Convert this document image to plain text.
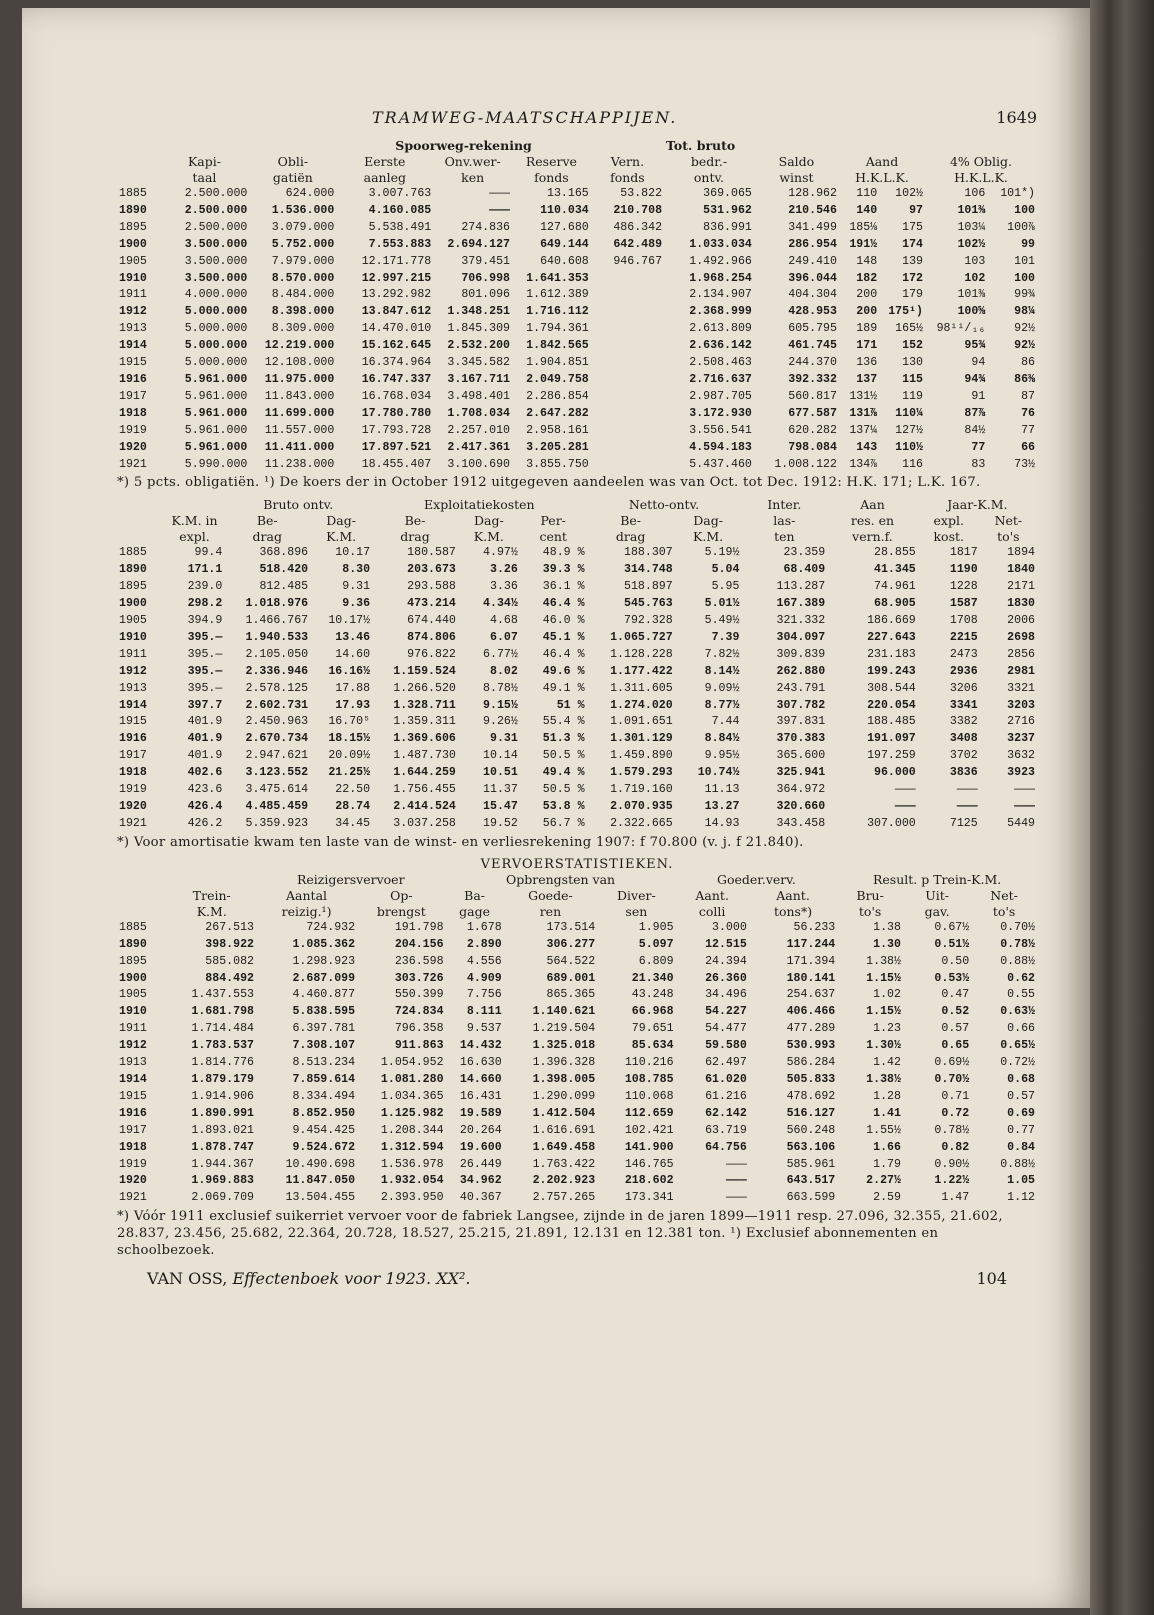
TRAMWEG-MAATSCHAPPIJEN.	1649
			Spoorweg-rekening				Tot. bruto					
	Kapi-	Obli-	Eerste	Onv.wer-	Reserve	Vern.	bedr.-	Saldo	Aand		4% Oblig.	
	taal	gatiën	aanleg	ken	fonds	fonds	ontv.	winst	H.K.L.K.		H.K.L.K.	
1885	2.500.000	624.000	3.007.763	———	13.165	53.822	369.065	128.962	110	102½	106	101*)
1890	2.500.000	1.536.000	4.160.085	———	110.034	210.708	531.962	210.546	140	97	101⅜	100
1895	2.500.000	3.079.000	5.538.491	274.836	127.680	486.342	836.991	341.499	185⅛	175	103¼	100⅞
1900	3.500.000	5.752.000	7.553.883	2.694.127	649.144	642.489	1.033.034	286.954	191½	174	102½	99
1905	3.500.000	7.979.000	12.171.778	379.451	640.608	946.767	1.492.966	249.410	148	139	103	101
1910	3.500.000	8.570.000	12.997.215	706.998	1.641.353		1.968.254	396.044	182	172	102	100
1911	4.000.000	8.484.000	13.292.982	801.096	1.612.389		2.134.907	404.304	200	179	101⅜	99¾
1912	5.000.000	8.398.000	13.847.612	1.348.251	1.716.112		2.368.999	428.953	200	175¹)	100⅝	98¼
1913	5.000.000	8.309.000	14.470.010	1.845.309	1.794.361		2.613.809	605.795	189	165½	98¹¹/₁₆	92½
1914	5.000.000	12.219.000	15.162.645	2.532.200	1.842.565		2.636.142	461.745	171	152	95¾	92½
1915	5.000.000	12.108.000	16.374.964	3.345.582	1.904.851		2.508.463	244.370	136	130	94	86
1916	5.961.000	11.975.000	16.747.337	3.167.711	2.049.758		2.716.637	392.332	137	115	94¾	86⅜
1917	5.961.000	11.843.000	16.768.034	3.498.401	2.286.854		2.987.705	560.817	131½	119	91	87
1918	5.961.000	11.699.000	17.780.780	1.708.034	2.647.282		3.172.930	677.587	131⅞	110¼	87⅞	76
1919	5.961.000	11.557.000	17.793.728	2.257.010	2.958.161		3.556.541	620.282	137¼	127½	84½	77
1920	5.961.000	11.411.000	17.897.521	2.417.361	3.205.281		4.594.183	798.084	143	110½	77	66
1921	5.990.000	11.238.000	18.455.407	3.100.690	3.855.750		5.437.460	1.008.122	134⅞	116	83	73½
*) 5 pcts. obligatiën. ¹) De koers der in October 1912 uitgegeven aandeelen was van Oct. tot Dec. 1912: H.K. 171; L.K. 167.
		Bruto ontv.		Exploitatiekosten			Netto-ontv.		Inter.	Aan	Jaar-K.M.	
	K.M. in	Be-	Dag-	Be-	Dag-	Per-	Be-	Dag-	las-	res. en	expl.	Net-
	expl.	drag	K.M.	drag	K.M.	cent	drag	K.M.	ten	vern.f.	kost.	to's
1885	99.4	368.896	10.17	180.587	4.97½	48.9 %	188.307	5.19½	23.359	28.855	1817	1894
1890	171.1	518.420	8.30	203.673	3.26	39.3 %	314.748	5.04	68.409	41.345	1190	1840
1895	239.0	812.485	9.31	293.588	3.36	36.1 %	518.897	5.95	113.287	74.961	1228	2171
1900	298.2	1.018.976	9.36	473.214	4.34½	46.4 %	545.763	5.01½	167.389	68.905	1587	1830
1905	394.9	1.466.767	10.17½	674.440	4.68	46.0 %	792.328	5.49½	321.332	186.669	1708	2006
1910	395.—	1.940.533	13.46	874.806	6.07	45.1 %	1.065.727	7.39	304.097	227.643	2215	2698
1911	395.—	2.105.050	14.60	976.822	6.77½	46.4 %	1.128.228	7.82½	309.839	231.183	2473	2856
1912	395.—	2.336.946	16.16½	1.159.524	8.02	49.6 %	1.177.422	8.14½	262.880	199.243	2936	2981
1913	395.—	2.578.125	17.88	1.266.520	8.78½	49.1 %	1.311.605	9.09½	243.791	308.544	3206	3321
1914	397.7	2.602.731	17.93	1.328.711	9.15½	51 %	1.274.020	8.77½	307.782	220.054	3341	3203
1915	401.9	2.450.963	16.70⁵	1.359.311	9.26½	55.4 %	1.091.651	7.44	397.831	188.485	3382	2716
1916	401.9	2.670.734	18.15½	1.369.606	9.31	51.3 %	1.301.129	8.84½	370.383	191.097	3408	3237
1917	401.9	2.947.621	20.09½	1.487.730	10.14	50.5 %	1.459.890	9.95½	365.600	197.259	3702	3632
1918	402.6	3.123.552	21.25½	1.644.259	10.51	49.4 %	1.579.293	10.74½	325.941	96.000	3836	3923
1919	423.6	3.475.614	22.50	1.756.455	11.37	50.5 %	1.719.160	11.13	364.972	———	———	———
1920	426.4	4.485.459	28.74	2.414.524	15.47	53.8 %	2.070.935	13.27	320.660	———	———	———
1921	426.2	5.359.923	34.45	3.037.258	19.52	56.7 %	2.322.665	14.93	343.458	307.000	7125	5449
*) Voor amortisatie kwam ten laste van de winst- en verliesrekening 1907: f 70.800 (v. j. f 21.840).
VERVOERSTATISTIEKEN.
		Reizigersvervoer		Opbrengsten van			Goeder.verv.		Result. p Trein-K.M.		
	Trein-	Aantal	Op-	Ba-	Goede-	Diver-	Aant.	Aant.	Bru-	Uit-	Net-
	K.M.	reizig.¹)	brengst	gage	ren	sen	colli	tons*)	to's	gav.	to's
1885	267.513	724.932	191.798	1.678	173.514	1.905	3.000	56.233	1.38	0.67½	0.70½
1890	398.922	1.085.362	204.156	2.890	306.277	5.097	12.515	117.244	1.30	0.51½	0.78½
1895	585.082	1.298.923	236.598	4.556	564.522	6.809	24.394	171.394	1.38½	0.50	0.88½
1900	884.492	2.687.099	303.726	4.909	689.001	21.340	26.360	180.141	1.15½	0.53½	0.62
1905	1.437.553	4.460.877	550.399	7.756	865.365	43.248	34.496	254.637	1.02	0.47	0.55
1910	1.681.798	5.838.595	724.834	8.111	1.140.621	66.968	54.227	406.466	1.15½	0.52	0.63½
1911	1.714.484	6.397.781	796.358	9.537	1.219.504	79.651	54.477	477.289	1.23	0.57	0.66
1912	1.783.537	7.308.107	911.863	14.432	1.325.018	85.634	59.580	530.993	1.30½	0.65	0.65½
1913	1.814.776	8.513.234	1.054.952	16.630	1.396.328	110.216	62.497	586.284	1.42	0.69½	0.72½
1914	1.879.179	7.859.614	1.081.280	14.660	1.398.005	108.785	61.020	505.833	1.38½	0.70½	0.68
1915	1.914.906	8.334.494	1.034.365	16.431	1.290.099	110.068	61.216	478.692	1.28	0.71	0.57
1916	1.890.991	8.852.950	1.125.982	19.589	1.412.504	112.659	62.142	516.127	1.41	0.72	0.69
1917	1.893.021	9.454.425	1.208.344	20.264	1.616.691	102.421	63.719	560.248	1.55½	0.78½	0.77
1918	1.878.747	9.524.672	1.312.594	19.600	1.649.458	141.900	64.756	563.106	1.66	0.82	0.84
1919	1.944.367	10.490.698	1.536.978	26.449	1.763.422	146.765	———	585.961	1.79	0.90½	0.88½
1920	1.969.883	11.847.050	1.932.054	34.962	2.202.923	218.602	———	643.517	2.27½	1.22½	1.05
1921	2.069.709	13.504.455	2.393.950	40.367	2.757.265	173.341	———	663.599	2.59	1.47	1.12
*) Vóór 1911 exclusief suikerriet vervoer voor de fabriek Langsee, zijnde in de jaren 1899—1911 resp. 27.096, 32.355, 21.602, 28.837, 23.456, 25.682, 22.364, 20.728, 18.527, 25.215, 21.891, 12.131 en 12.381 ton. ¹) Exclusief abonnementen en schoolbezoek.
VAN OSS, Effectenboek voor 1923. XX².	104
